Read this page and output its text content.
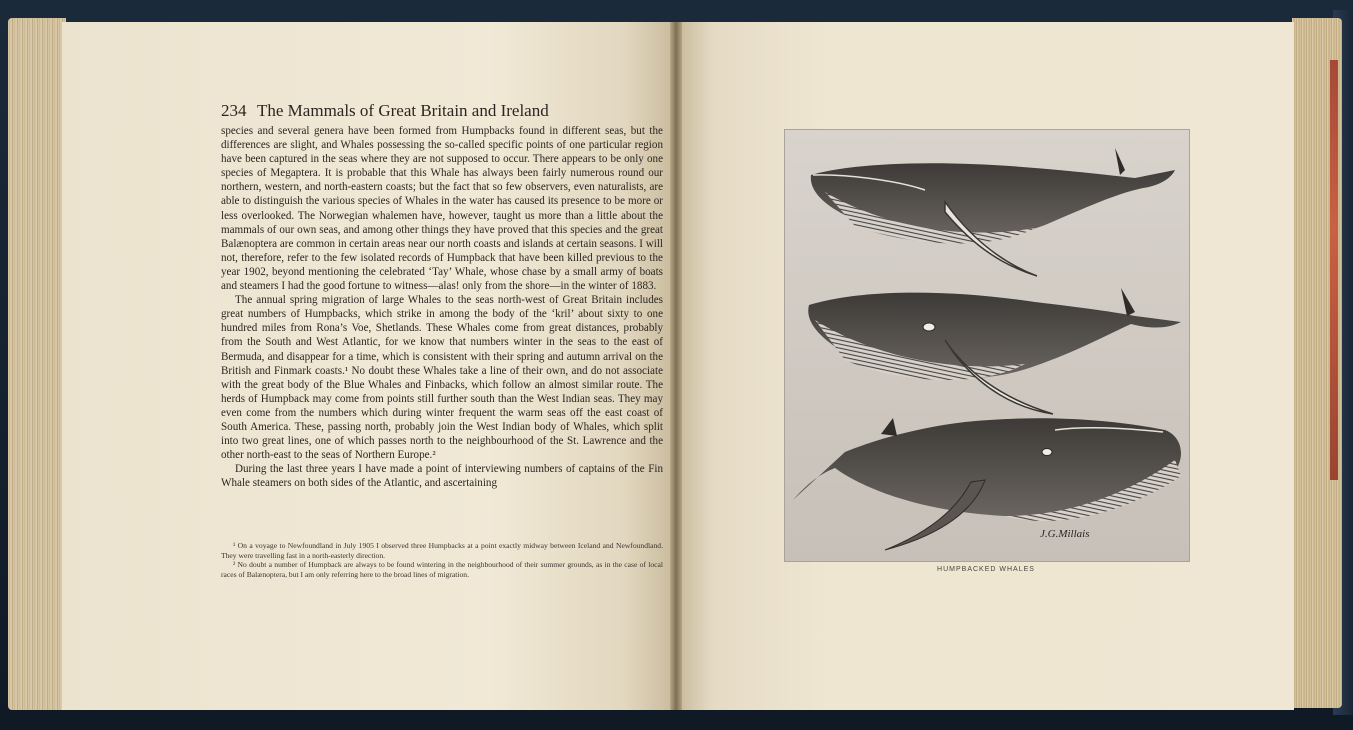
234 The Mammals of Great Britain and Ireland

species and several genera have been formed from Humpbacks found in different seas, but the differences are slight, and Whales possessing the so-called specific points of one particular region have been captured in the seas where they are not supposed to occur. There appears to be only one species of Megaptera. It is probable that this Whale has always been fairly numerous round our northern, western, and north-eastern coasts; but the fact that so few observers, even naturalists, are able to distinguish the various species of Whales in the water has caused its presence to be more or less overlooked. The Norwegian whalemen have, however, taught us more than a little about the mammals of our own seas, and among other things they have proved that this species and the great Balænoptera are common in certain areas near our north coasts and islands at certain seasons. I will not, therefore, refer to the few isolated records of Humpback that have been killed previous to the year 1902, beyond mentioning the celebrated ‘Tay’ Whale, whose chase by a small army of boats and steamers I had the good fortune to witness—alas! only from the shore—in the winter of 1883.

The annual spring migration of large Whales to the seas north-west of Great Britain includes great numbers of Humpbacks, which strike in among the body of the ‘kril’ about sixty to one hundred miles from Rona’s Voe, Shetlands. These Whales come from great distances, probably from the South and West Atlantic, for we know that numbers winter in the seas to the east of Bermuda, and disappear for a time, which is consistent with their spring and autumn arrival on the British and Finmark coasts.¹ No doubt these Whales take a line of their own, and do not associate with the great body of the Blue Whales and Finbacks, which follow an almost similar route. The herds of Humpback may come from points still further south than the West Indian seas. They may even come from the numbers which during winter frequent the warm seas off the east coast of South America. These, passing north, probably join the West Indian body of Whales, which split into two great lines, one of which passes north to the neighbourhood of the St. Lawrence and the other north-east to the seas of Northern Europe.²

During the last three years I have made a point of interviewing numbers of captains of the Fin Whale steamers on both sides of the Atlantic, and ascertaining

¹ On a voyage to Newfoundland in July 1905 I observed three Humpbacks at a point exactly midway between Iceland and Newfoundland. They were travelling fast in a north-easterly direction.

² No doubt a number of Humpback are always to be found wintering in the neighbourhood of their summer grounds, as in the case of local races of Balænoptera, but I am only referring here to the broad lines of migration.

J.G.Millais
HUMPBACKED WHALES
